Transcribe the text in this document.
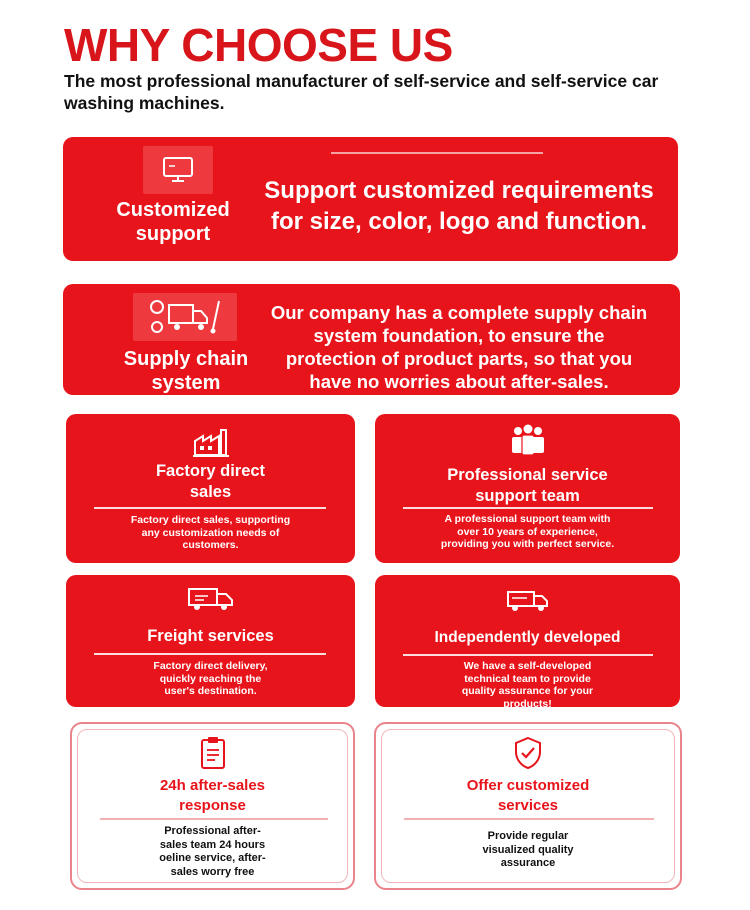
WHY CHOOSE US
The most professional manufacturer of self-service and self-service car washing machines.
Customized support
Support customized requirements for size, color, logo and function.
Supply chain system
Our company has a complete supply chain system foundation, to ensure the protection of product parts, so that you have no worries about after-sales.
Factory direct sales
Factory direct sales, supporting any customization needs of customers.
Professional service support team
A professional support team with over 10 years of experience, providing you with perfect service.
Freight services
Factory direct delivery, quickly reaching the user's destination.
Independently developed
We have a self-developed technical team to provide quality assurance for your products!
24h after-sales response
Professional after-sales team 24 hours oeline service, after-sales worry free
Offer customized services
Provide regular visualized quality assurance
